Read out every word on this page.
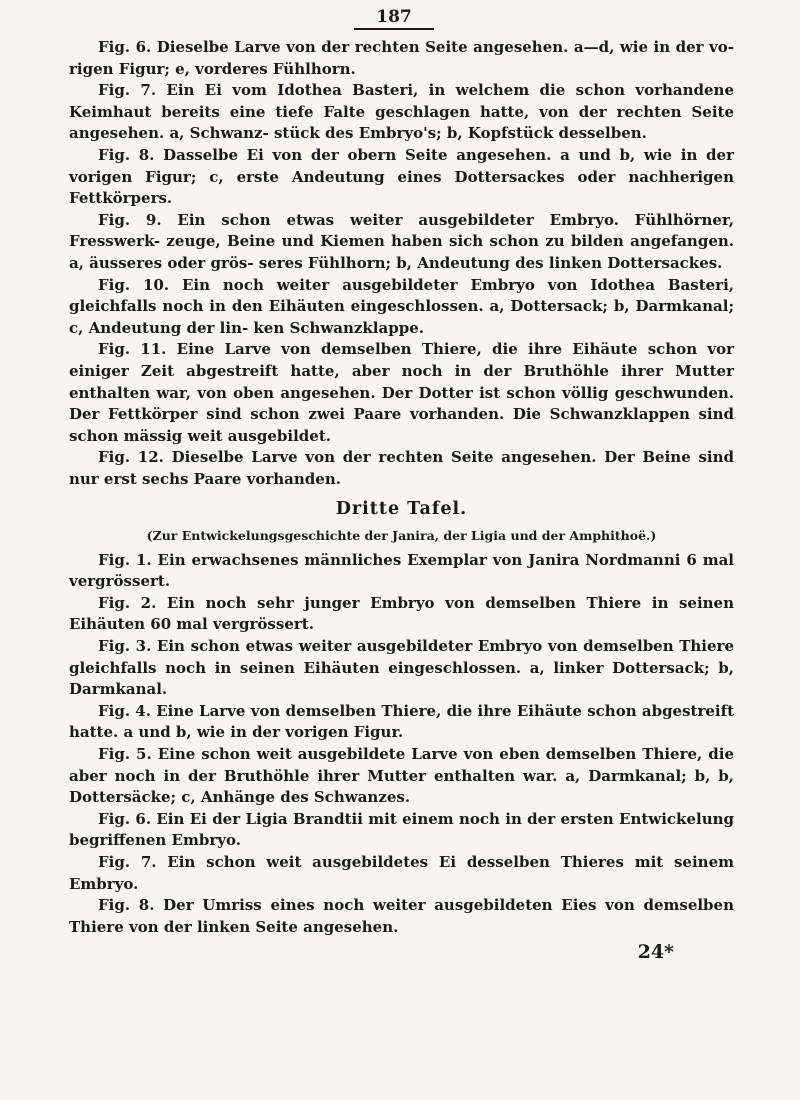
187

Fig. 6. Dieselbe Larve von der rechten Seite angesehen. a—d, wie in der vo- rigen Figur; e, vorderes Fühlhorn.

Fig. 7. Ein Ei vom Idothea Basteri, in welchem die schon vorhandene Keimhaut bereits eine tiefe Falte geschlagen hatte, von der rechten Seite angesehen. a, Schwanz- stück des Embryo's; b, Kopfstück desselben.

Fig. 8. Dasselbe Ei von der obern Seite angesehen. a und b, wie in der vorigen Figur; c, erste Andeutung eines Dottersackes oder nachherigen Fettkörpers.

Fig. 9. Ein schon etwas weiter ausgebildeter Embryo. Fühlhörner, Fresswerk- zeuge, Beine und Kiemen haben sich schon zu bilden angefangen. a, äusseres oder grös- seres Fühlhorn; b, Andeutung des linken Dottersackes.

Fig. 10. Ein noch weiter ausgebildeter Embryo von Idothea Basteri, gleichfalls noch in den Eihäuten eingeschlossen. a, Dottersack; b, Darmkanal; c, Andeutung der lin- ken Schwanzklappe.

Fig. 11. Eine Larve von demselben Thiere, die ihre Eihäute schon vor einiger Zeit abgestreift hatte, aber noch in der Bruthöhle ihrer Mutter enthalten war, von oben angesehen. Der Dotter ist schon völlig geschwunden. Der Fettkörper sind schon zwei Paare vorhanden. Die Schwanzklappen sind schon mässig weit ausgebildet.

Fig. 12. Dieselbe Larve von der rechten Seite angesehen. Der Beine sind nur erst sechs Paare vorhanden.

Dritte Tafel.
(Zur Entwickelungsgeschichte der Janira, der Ligia und der Amphithoë.)

Fig. 1. Ein erwachsenes männliches Exemplar von Janira Nordmanni 6 mal vergrössert.

Fig. 2. Ein noch sehr junger Embryo von demselben Thiere in seinen Eihäuten 60 mal vergrössert.

Fig. 3. Ein schon etwas weiter ausgebildeter Embryo von demselben Thiere gleichfalls noch in seinen Eihäuten eingeschlossen. a, linker Dottersack; b, Darmkanal.

Fig. 4. Eine Larve von demselben Thiere, die ihre Eihäute schon abgestreift hatte. a und b, wie in der vorigen Figur.

Fig. 5. Eine schon weit ausgebildete Larve von eben demselben Thiere, die aber noch in der Bruthöhle ihrer Mutter enthalten war. a, Darmkanal; b, b, Dottersäcke; c, Anhänge des Schwanzes.

Fig. 6. Ein Ei der Ligia Brandtii mit einem noch in der ersten Entwickelung begriffenen Embryo.

Fig. 7. Ein schon weit ausgebildetes Ei desselben Thieres mit seinem Embryo.

Fig. 8. Der Umriss eines noch weiter ausgebildeten Eies von demselben Thiere von der linken Seite angesehen.

24*
